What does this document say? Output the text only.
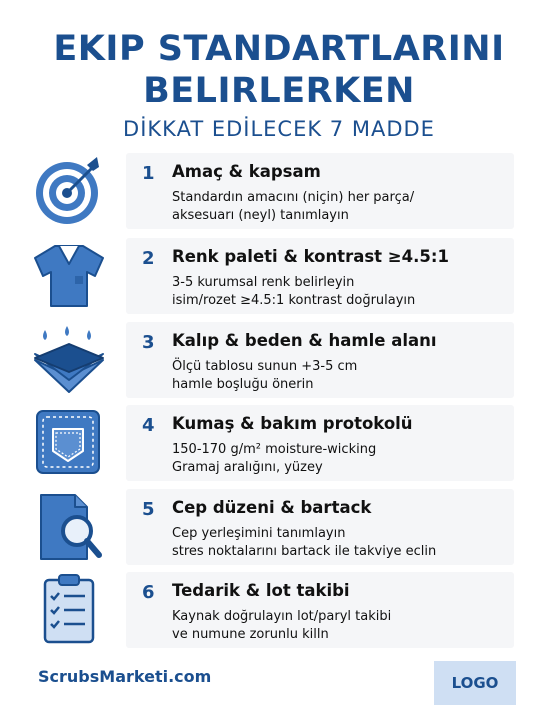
EKIP STANDARTLARINI
BELIRLERKEN
DİKKAT EDİLECEK 7 MADDE
1 Amaç & kapsam
Standardın amacını (niçin) her parça/
aksesuarı (neyl) tanımlayın
2 Renk paleti & kontrast ≥4.5:1
3-5 kurumsal renk belirleyin
isim/rozet ≥4.5:1 kontrast doğrulayın
3 Kalıp & beden & hamle alanı
Ölçü tablosu sunun +3-5 cm
hamle boşluğu önerin
4 Kumaş & bakım protokolü
150-170 g/m² moisture-wicking
Gramaj aralığını, yüzey
5 Cep düzeni & bartack
Cep yerleşimini tanımlayın
stres noktalarını bartack ile takviye eclin
6 Tedarik & lot takibi
Kaynak doğrulayın lot/paryl takibi
ve numune zorunlu killn
ScrubsMarketi.com	LOGO
